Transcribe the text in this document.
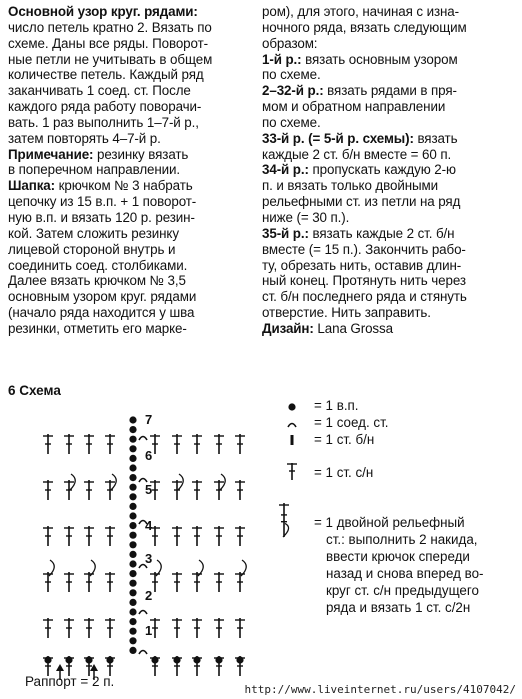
Основной узор круг. рядами:

число петель кратно 2. Вязать по

схеме. Даны все ряды. Поворот-

ные петли не учитывать в общем

количестве петель. Каждый ряд

заканчивать 1 соед. ст. После

каждого ряда работу поворачи-

вать. 1 раз выполнить 1–7-й р.,

затем повторять 4–7-й р.

Примечание: резинку вязать

в поперечном направлении.

Шапка: крючком № 3 набрать

цепочку из 15 в.п. + 1 поворот-

ную в.п. и вязать 120 р. резин-

кой. Затем сложить резинку

лицевой стороной внутрь и

соединить соед. столбиками.

Далее вязать крючком № 3,5

основным узором круг. рядами

(начало ряда находится у шва

резинки, отметить его марке-

ром), для этого, начиная с изна-

ночного ряда, вязать следующим

образом:

1-й р.: вязать основным узором

по схеме.

2–32-й р.: вязать рядами в пря-

мом и обратном направлении

по схеме.

33-й р. (= 5-й р. схемы): вязать

каждые 2 ст. б/н вместе = 60 п.

34-й р.: пропускать каждую 2-ю

п. и вязать только двойными

рельефными ст. из петли на ряд

ниже (= 30 п.).

35-й р.: вязать каждые 2 ст. б/н

вместе (= 15 п.). Закончить рабо-

ту, обрезать нить, оставив длин-

ный конец. Протянуть нить через

ст. б/н последнего ряда и стянуть

отверстие. Нить заправить.

Дизайн: Lana Grossa

6 Схема
7
6
5
4
3
2
1
= 1 в.п.
= 1 соед. ст.
= 1 ст. б/н
= 1 ст. с/н
= 1 двойной рельефный
ст.: выполнить 2 накида,
ввести крючок спереди
назад и снова вперед во-
круг ст. с/н предыдущего
ряда и вязать 1 ст. с/2н
Раппорт = 2 п.
http://www.liveinternet.ru/users/4107042/
